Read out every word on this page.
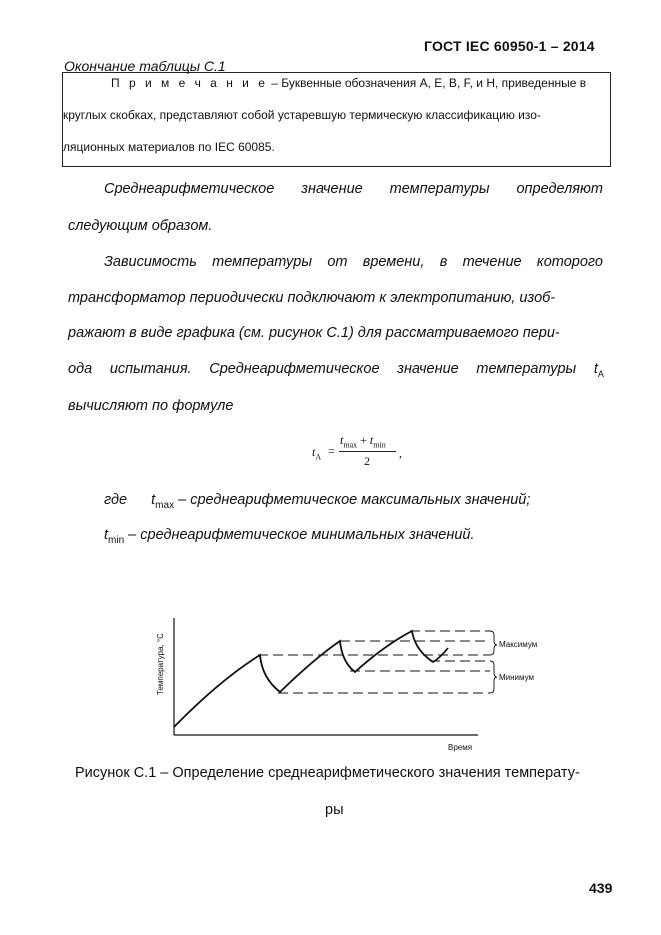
ГОСТ IEC 60950-1 – 2014
Окончание таблицы С.1
П р и м е ч а н и е – Буквенные обозначения А, Е, В, F, и Н, приведенные в
круглых скобках, представляют собой устаревшую термическую классификацию изо-
ляционных материалов по IEC 60085.
Среднеарифметическое значение температуры определяют
следующим образом.
Зависимость температуры от времени, в течение которого
трансформатор периодически подключают к электропитанию, изоб-
ражают в виде графика (см. рисунок С.1) для рассматриваемого пери-
ода испытания. Среднеарифметическое значение температуры $t_A$
вычисляют по формуле
$t_A$ =
$t_{max} + t_{min}$
2
,
где $t_{max}$ – среднеарифметическое максимальных значений;
$t_{min}$ – среднеарифметическое минимальных значений.
Максимум
Минимум
Время
Температура, °С
Рисунок С.1 – Определение среднеарифметического значения температу-
ры
439
